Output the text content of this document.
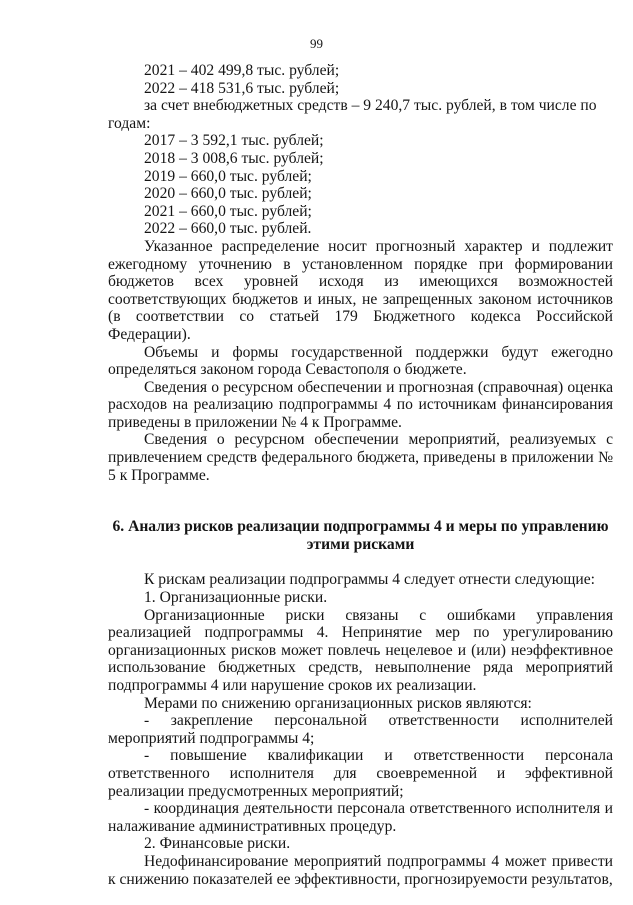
99

2021 – 402 499,8 тыс. рублей;

2022 – 418 531,6 тыс. рублей;

за счет внебюджетных средств – 9 240,7 тыс. рублей, в том числе по годам:

2017 – 3 592,1 тыс. рублей;

2018 – 3 008,6 тыс. рублей;

2019 – 660,0 тыс. рублей;

2020 – 660,0 тыс. рублей;

2021 – 660,0 тыс. рублей;

2022 – 660,0 тыс. рублей.

Указанное распределение носит прогнозный характер и подлежит ежегодному уточнению в установленном порядке при формировании бюджетов всех уровней исходя из имеющихся возможностей соответствующих бюджетов и иных, не запрещенных законом источников (в соответствии со статьей 179 Бюджетного кодекса Российской Федерации).

Объемы и формы государственной поддержки будут ежегодно определяться законом города Севастополя о бюджете.

Сведения о ресурсном обеспечении и прогнозная (справочная) оценка расходов на реализацию подпрограммы 4 по источникам финансирования приведены в приложении № 4 к Программе.

Сведения о ресурсном обеспечении мероприятий, реализуемых с привлечением средств федерального бюджета, приведены в приложении № 5 к Программе.

6. Анализ рисков реализации подпрограммы 4 и меры по управлению
этими рисками

К рискам реализации подпрограммы 4 следует отнести следующие:

1. Организационные риски.

Организационные риски связаны с ошибками управления реализацией подпрограммы 4. Непринятие мер по урегулированию организационных рисков может повлечь нецелевое и (или) неэффективное использование бюджетных средств, невыполнение ряда мероприятий подпрограммы 4 или нарушение сроков их реализации.

Мерами по снижению организационных рисков являются:

- закрепление персональной ответственности исполнителей мероприятий подпрограммы 4;

- повышение квалификации и ответственности персонала ответственного исполнителя для своевременной и эффективной реализации предусмотренных мероприятий;

- координация деятельности персонала ответственного исполнителя и налаживание административных процедур.

2. Финансовые риски.

Недофинансирование мероприятий подпрограммы 4 может привести к снижению показателей ее эффективности, прогнозируемости результатов,
